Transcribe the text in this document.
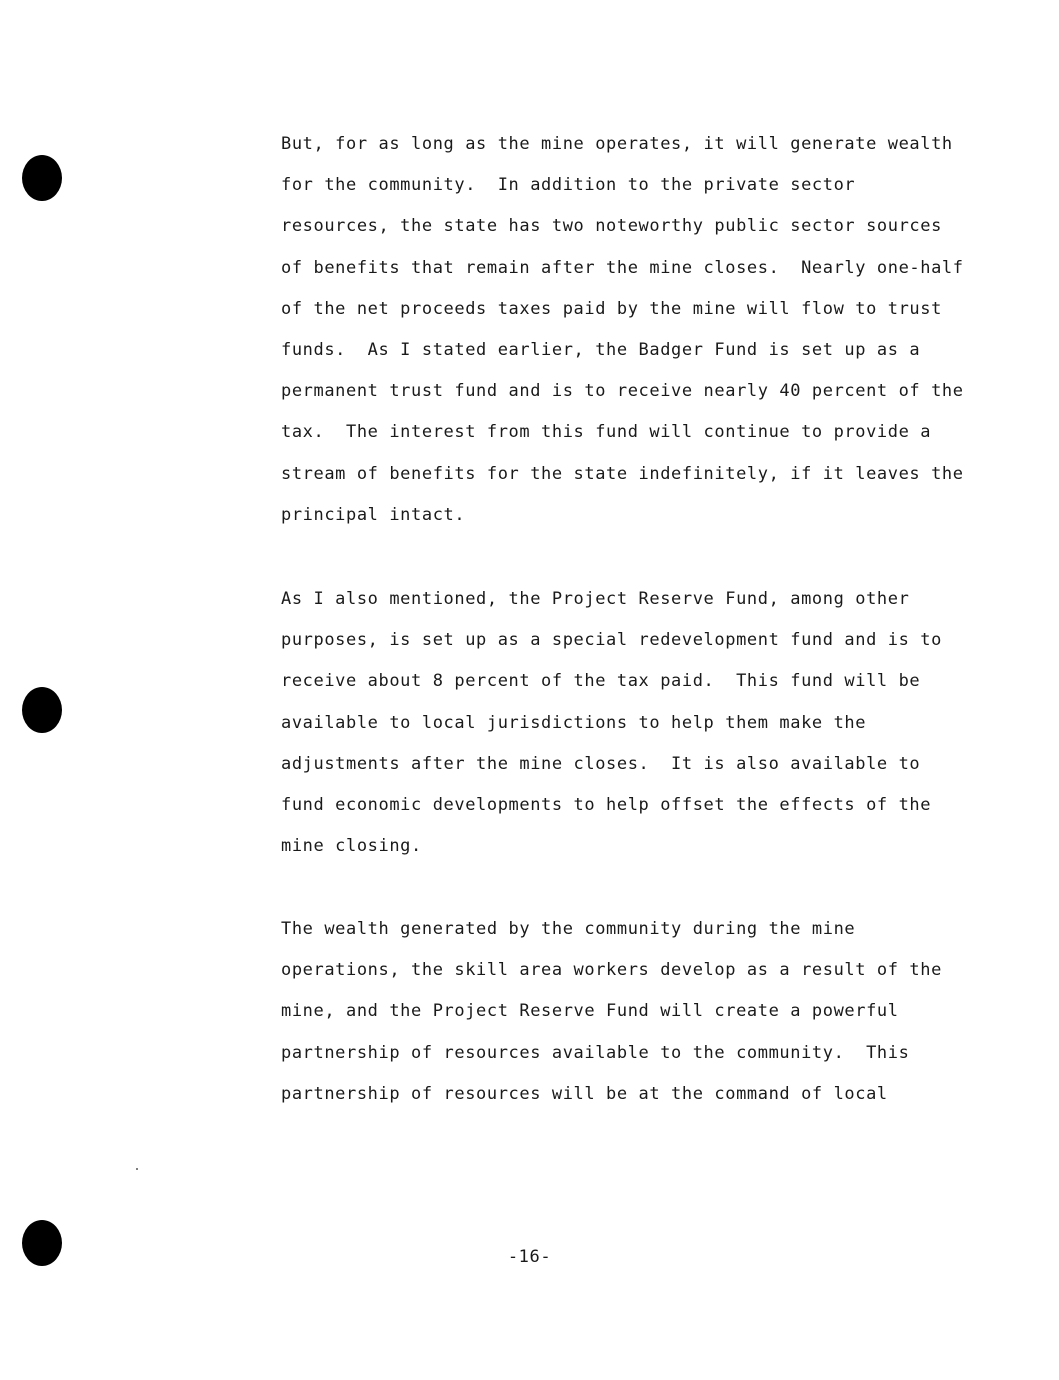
But, for as long as the mine operates, it will generate wealth
for the community.  In addition to the private sector
resources, the state has two noteworthy public sector sources
of benefits that remain after the mine closes.  Nearly one-half
of the net proceeds taxes paid by the mine will flow to trust
funds.  As I stated earlier, the Badger Fund is set up as a
permanent trust fund and is to receive nearly 40 percent of the
tax.  The interest from this fund will continue to provide a
stream of benefits for the state indefinitely, if it leaves the
principal intact.
As I also mentioned, the Project Reserve Fund, among other
purposes, is set up as a special redevelopment fund and is to
receive about 8 percent of the tax paid.  This fund will be
available to local jurisdictions to help them make the
adjustments after the mine closes.  It is also available to
fund economic developments to help offset the effects of the
mine closing.
The wealth generated by the community during the mine
operations, the skill area workers develop as a result of the
mine, and the Project Reserve Fund will create a powerful
partnership of resources available to the community.  This
partnership of resources will be at the command of local
-16-
